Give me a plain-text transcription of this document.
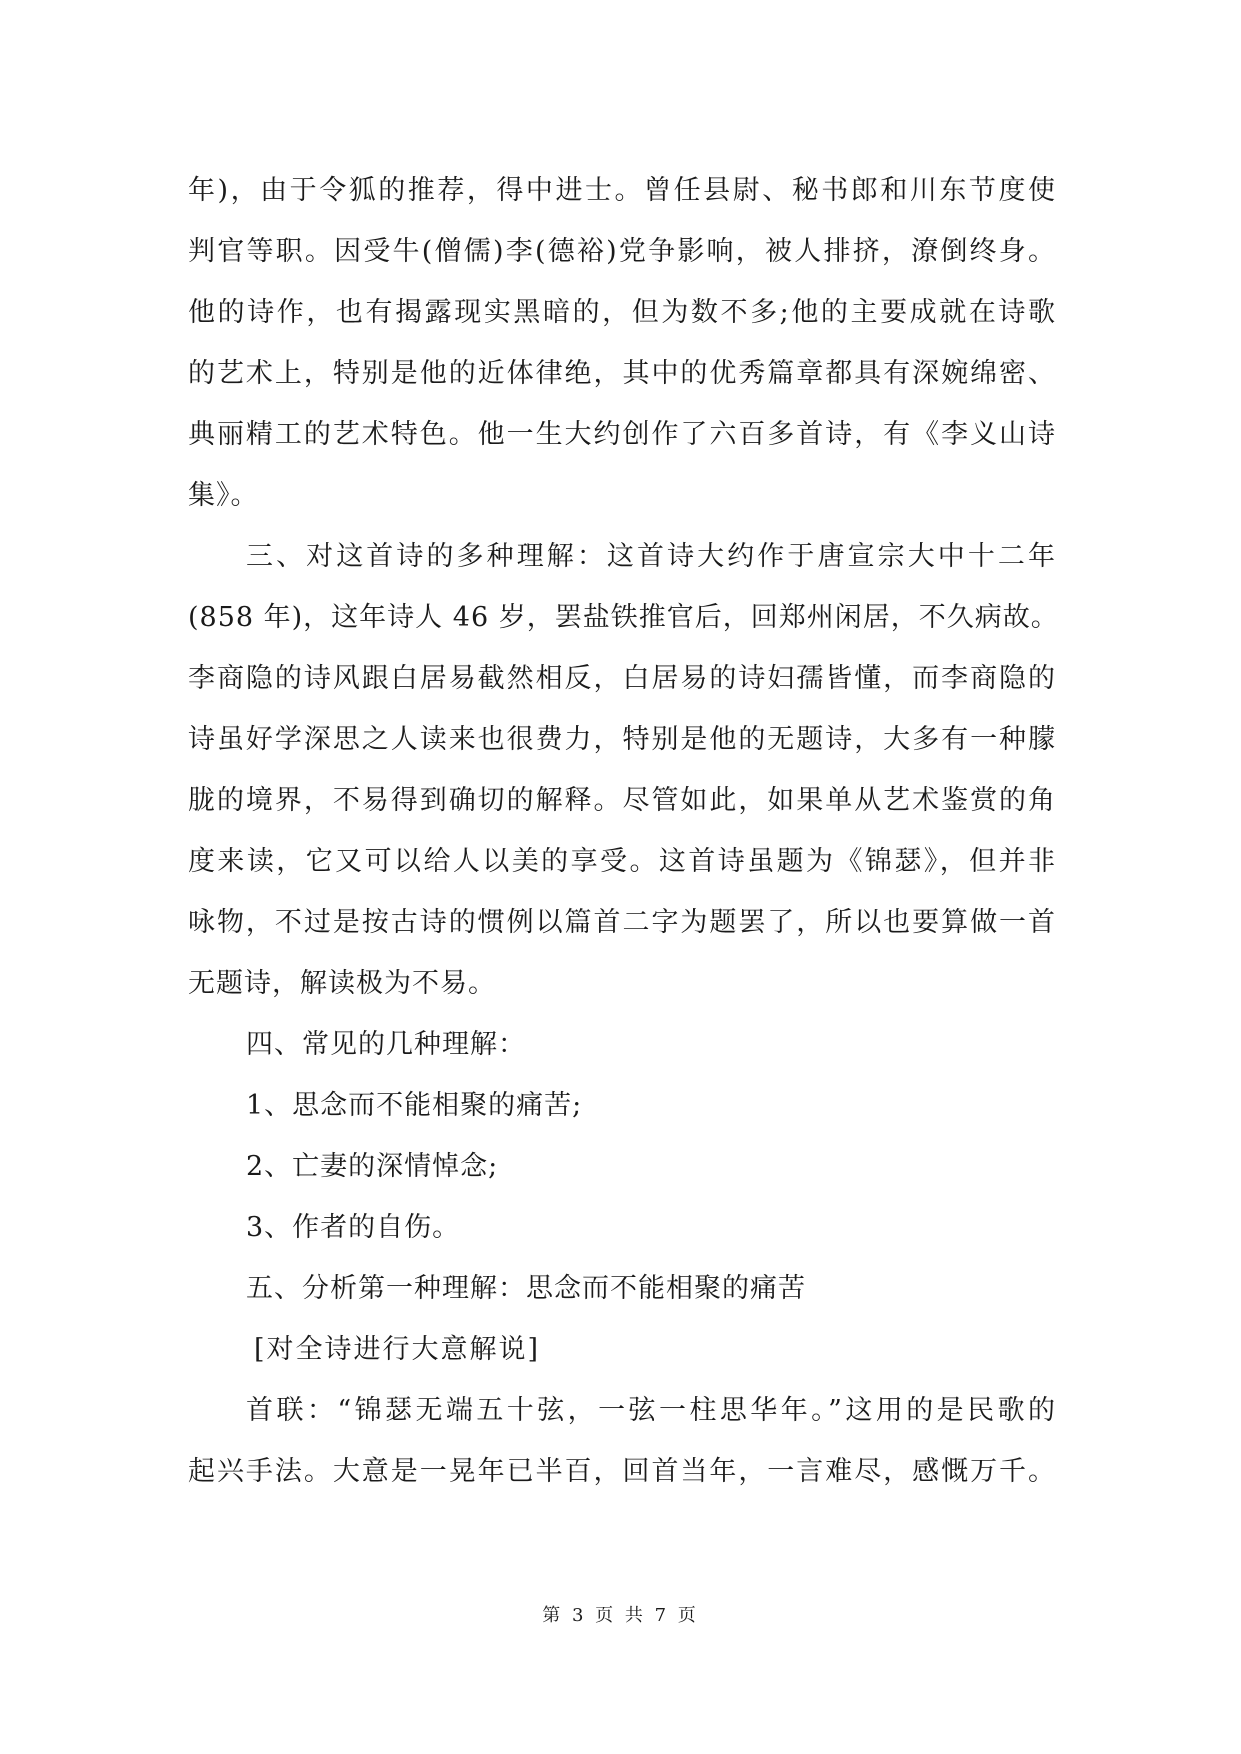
年)，由于令狐的推荐，得中进士。曾任县尉、秘书郎和川东节度使
判官等职。因受牛(僧儒)李(德裕)党争影响，被人排挤，潦倒终身。
他的诗作，也有揭露现实黑暗的，但为数不多;他的主要成就在诗歌
的艺术上，特别是他的近体律绝，其中的优秀篇章都具有深婉绵密、
典丽精工的艺术特色。他一生大约创作了六百多首诗，有《李义山诗
集》。
三、对这首诗的多种理解：这首诗大约作于唐宣宗大中十二年
(858 年)，这年诗人 46 岁，罢盐铁推官后，回郑州闲居，不久病故。
李商隐的诗风跟白居易截然相反，白居易的诗妇孺皆懂，而李商隐的
诗虽好学深思之人读来也很费力，特别是他的无题诗，大多有一种朦
胧的境界，不易得到确切的解释。尽管如此，如果单从艺术鉴赏的角
度来读，它又可以给人以美的享受。这首诗虽题为《锦瑟》，但并非
咏物，不过是按古诗的惯例以篇首二字为题罢了，所以也要算做一首
无题诗，解读极为不易。
四、常见的几种理解：
1、思念而不能相聚的痛苦;
2、亡妻的深情悼念;
3、作者的自伤。
五、分析第一种理解：思念而不能相聚的痛苦
[对全诗进行大意解说]
首联：“锦瑟无端五十弦，一弦一柱思华年。”这用的是民歌的
起兴手法。大意是一晃年已半百，回首当年，一言难尽，感慨万千。
第 3 页 共 7 页
